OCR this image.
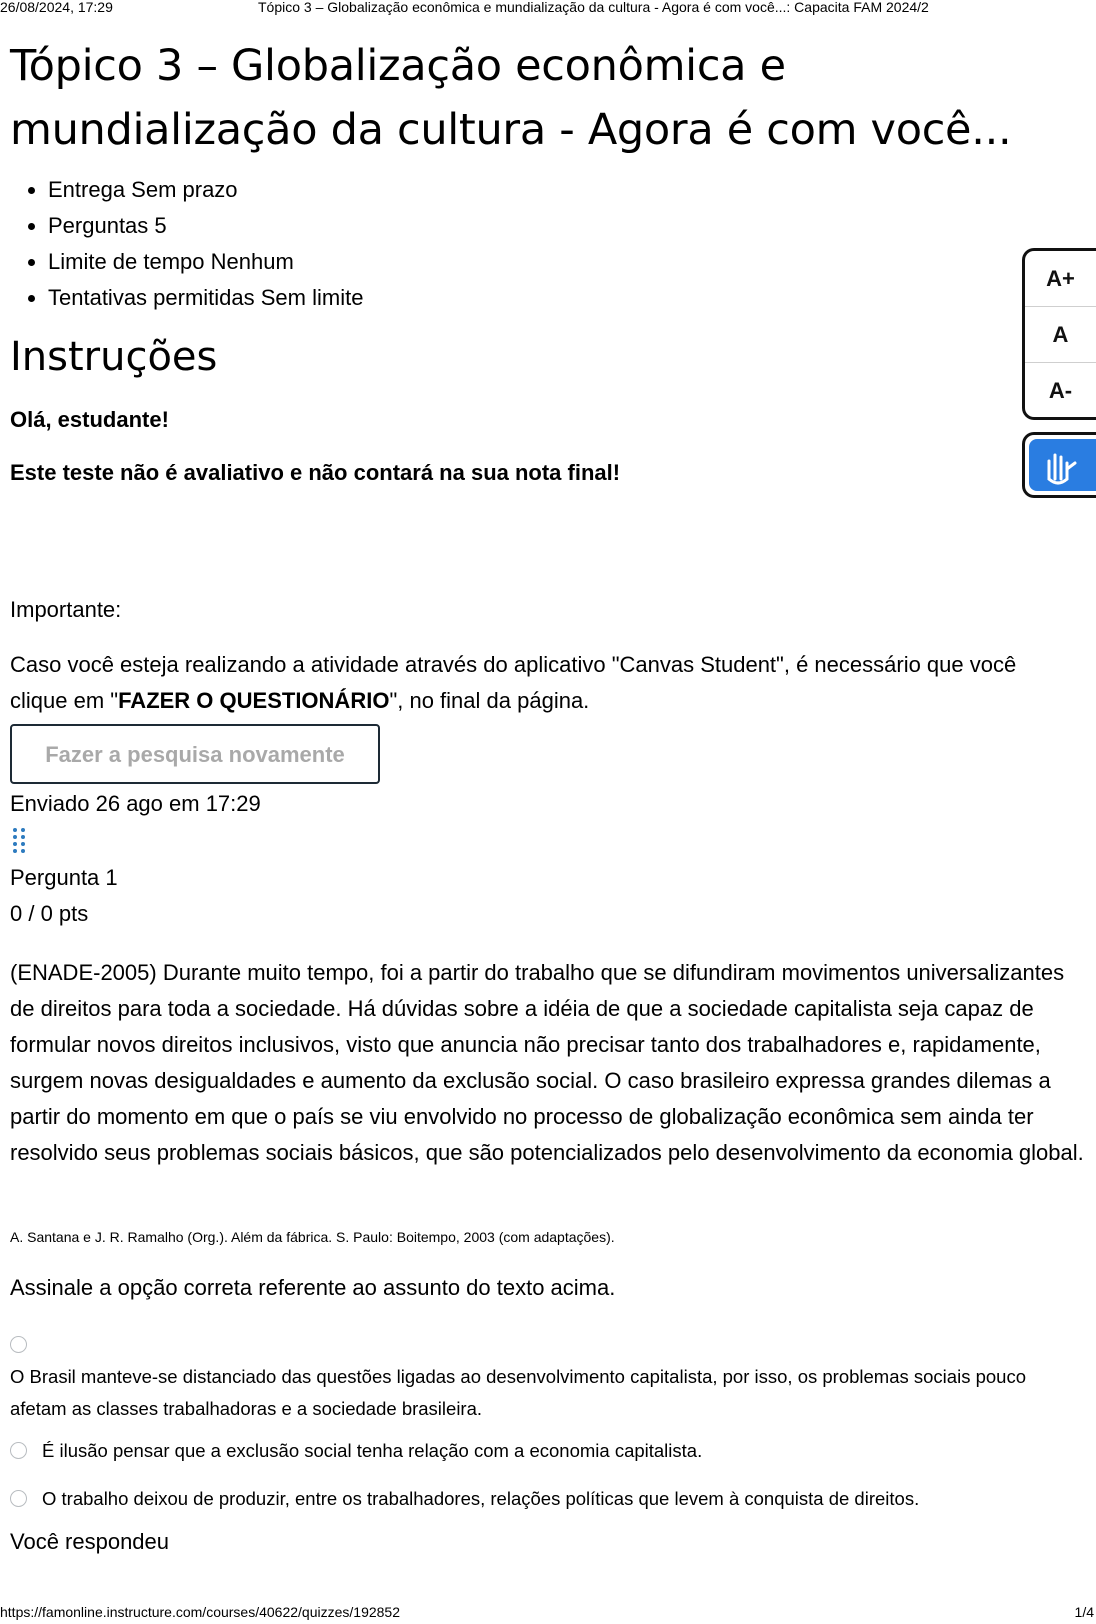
26/08/2024, 17:29	Tópico 3 – Globalização econômica e mundialização da cultura - Agora é com você...: Capacita FAM 2024/2
Tópico 3 – Globalização econômica e mundialização da cultura - Agora é com você...
• Entrega Sem prazo
• Perguntas 5
• Limite de tempo Nenhum
• Tentativas permitidas Sem limite
Instruções

Olá, estudante!

Este teste não é avaliativo e não contará na sua nota final!

Importante:

Caso você esteja realizando a atividade através do aplicativo "Canvas Student", é necessário que você clique em "FAZER O QUESTIONÁRIO", no final da página.

Fazer a pesquisa novamente

Enviado 26 ago em 17:29

Pergunta 1

0 / 0 pts

(ENADE-2005) Durante muito tempo, foi a partir do trabalho que se difundiram movimentos universalizantes de direitos para toda a sociedade. Há dúvidas sobre a idéia de que a sociedade capitalista seja capaz de formular novos direitos inclusivos, visto que anuncia não precisar tanto dos trabalhadores e, rapidamente, surgem novas desigualdades e aumento da exclusão social. O caso brasileiro expressa grandes dilemas a partir do momento em que o país se viu envolvido no processo de globalização econômica sem ainda ter resolvido seus problemas sociais básicos, que são potencializados pelo desenvolvimento da economia global.

A. Santana e J. R. Ramalho (Org.). Além da fábrica. S. Paulo: Boitempo, 2003 (com adaptações).

Assinale a opção correta referente ao assunto do texto acima.

O Brasil manteve-se distanciado das questões ligadas ao desenvolvimento capitalista, por isso, os problemas sociais pouco afetam as classes trabalhadoras e a sociedade brasileira.

É ilusão pensar que a exclusão social tenha relação com a economia capitalista.

O trabalho deixou de produzir, entre os trabalhadores, relações políticas que levem à conquista de direitos.

Você respondeu

A+
A
A-
https://famonline.instructure.com/courses/40622/quizzes/192852	1/4
